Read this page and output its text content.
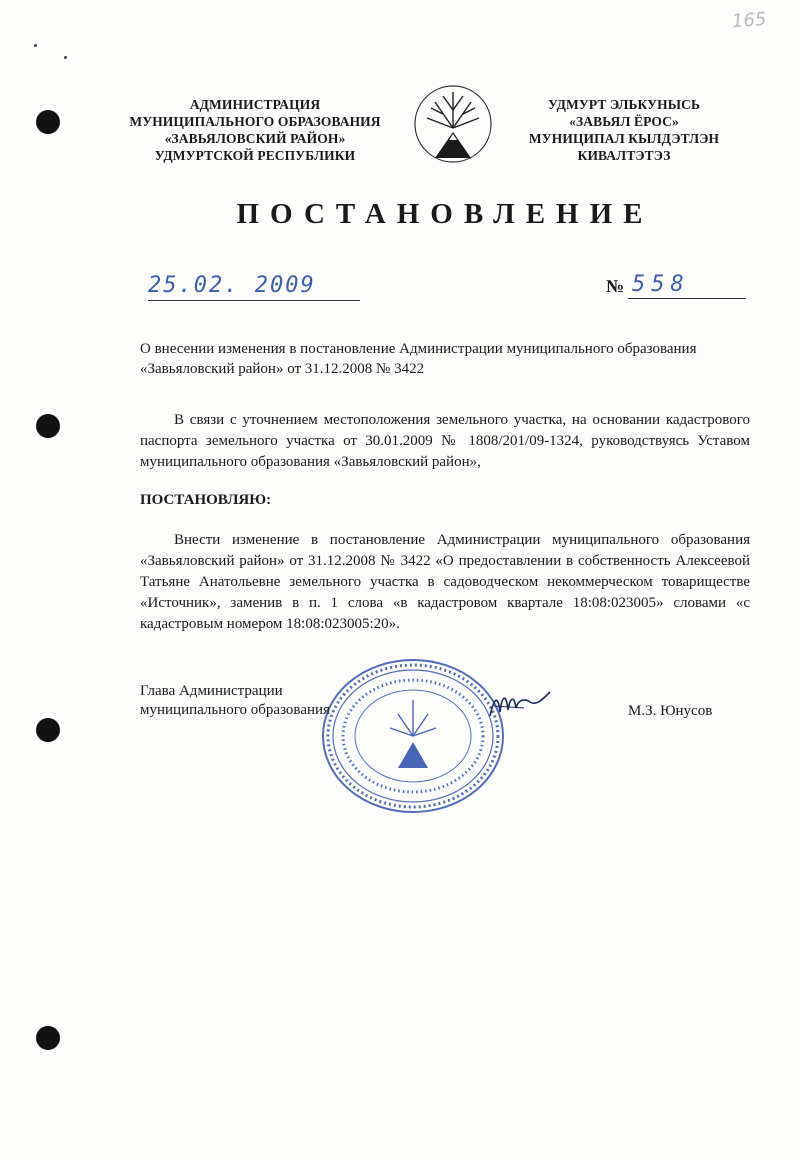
165
АДМИНИСТРАЦИЯ
МУНИЦИПАЛЬНОГО ОБРАЗОВАНИЯ
«ЗАВЬЯЛОВСКИЙ РАЙОН»
УДМУРТСКОЙ РЕСПУБЛИКИ
УДМУРТ ЭЛЬКУНЫСЬ
«ЗАВЬЯЛ ЁРОС»
МУНИЦИПАЛ КЫЛДЭТЛЭН
КИВАЛТЭТЭЗ
ПОСТАНОВЛЕНИЕ
25.02. 2009	№ 558
О внесении изменения в постановление Администрации муниципального образования «Завьяловский район» от 31.12.2008 № 3422
В связи с уточнением местоположения земельного участка, на основании кадастрового паспорта земельного участка от 30.01.2009 № 1808/201/09-1324, руководствуясь Уставом муниципального образования «Завьяловский район»,
ПОСТАНОВЛЯЮ:
Внести изменение в постановление Администрации муниципального образования «Завьяловский район» от 31.12.2008 № 3422 «О предоставлении в собственность Алексеевой Татьяне Анатольевне земельного участка в садоводческом некоммерческом товариществе «Источник», заменив в п. 1 слова «в кадастровом квартале 18:08:023005» словами «с кадастровым номером 18:08:023005:20».
Глава Администрации
муниципального образования	М.З. Юнусов
